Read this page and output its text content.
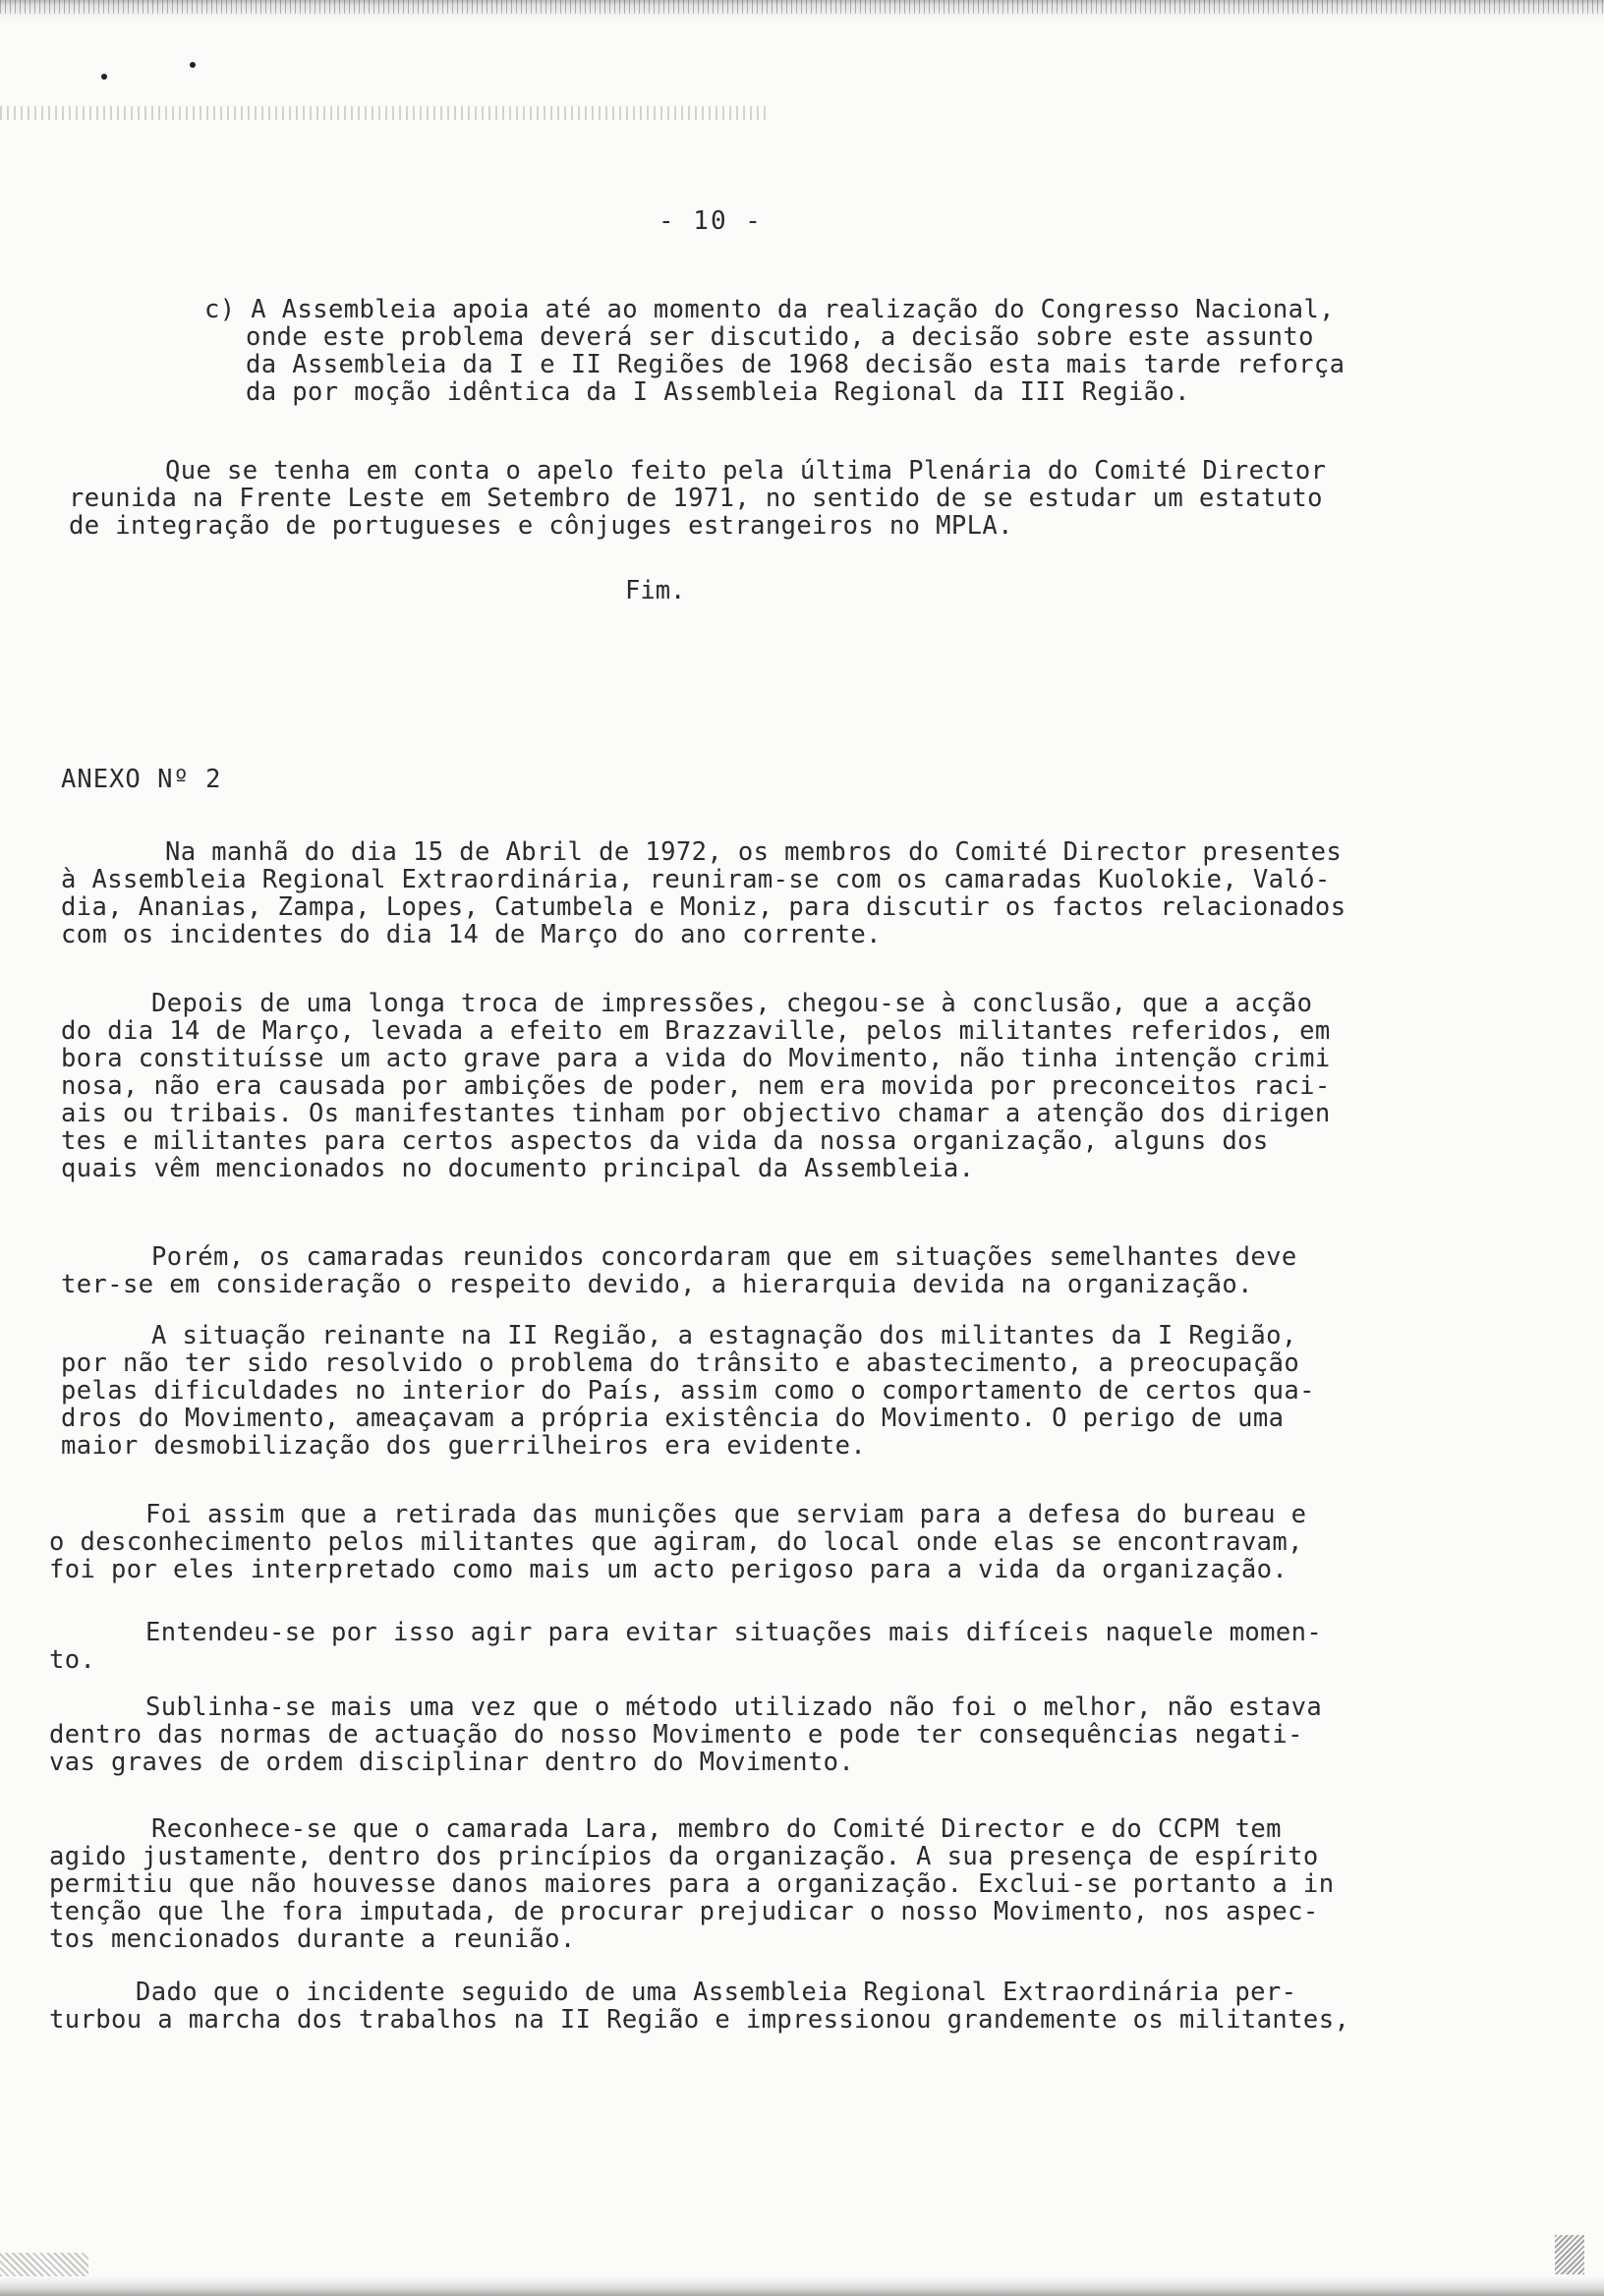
- 10 -
c) A Assembleia apoia até ao momento da realização do Congresso Nacional,
onde este problema deverá ser discutido, a decisão sobre este assunto
da Assembleia da I e II Regiões de 1968 decisão esta mais tarde reforça
da por moção idêntica da I Assembleia Regional da III Região.
Que se tenha em conta o apelo feito pela última Plenária do Comité Director
reunida na Frente Leste em Setembro de 1971, no sentido de se estudar um estatuto
de integração de portugueses e cônjuges estrangeiros no MPLA.
Fim.
ANEXO Nº 2
Na manhã do dia 15 de Abril de 1972, os membros do Comité Director presentes
à Assembleia Regional Extraordinária, reuniram-se com os camaradas Kuolokie, Való-
dia, Ananias, Zampa, Lopes, Catumbela e Moniz, para discutir os factos relacionados
com os incidentes do dia 14 de Março do ano corrente.
Depois de uma longa troca de impressões, chegou-se à conclusão, que a acção
do dia 14 de Março, levada a efeito em Brazzaville, pelos militantes referidos, em
bora constituísse um acto grave para a vida do Movimento, não tinha intenção crimi
nosa, não era causada por ambições de poder, nem era movida por preconceitos raci-
ais ou tribais. Os manifestantes tinham por objectivo chamar a atenção dos dirigen
tes e militantes para certos aspectos da vida da nossa organização, alguns dos
quais vêm mencionados no documento principal da Assembleia.
Porém, os camaradas reunidos concordaram que em situações semelhantes deve
ter-se em consideração o respeito devido, a hierarquia devida na organização.
A situação reinante na II Região, a estagnação dos militantes da I Região,
por não ter sido resolvido o problema do trânsito e abastecimento, a preocupação
pelas dificuldades no interior do País, assim como o comportamento de certos qua-
dros do Movimento, ameaçavam a própria existência do Movimento. O perigo de uma
maior desmobilização dos guerrilheiros era evidente.
Foi assim que a retirada das munições que serviam para a defesa do bureau e
o desconhecimento pelos militantes que agiram, do local onde elas se encontravam,
foi por eles interpretado como mais um acto perigoso para a vida da organização.
Entendeu-se por isso agir para evitar situações mais difíceis naquele momen-
to.
Sublinha-se mais uma vez que o método utilizado não foi o melhor, não estava
dentro das normas de actuação do nosso Movimento e pode ter consequências negati-
vas graves de ordem disciplinar dentro do Movimento.
Reconhece-se que o camarada Lara, membro do Comité Director e do CCPM tem
agido justamente, dentro dos princípios da organização. A sua presença de espírito
permitiu que não houvesse danos maiores para a organização. Exclui-se portanto a in
tenção que lhe fora imputada, de procurar prejudicar o nosso Movimento, nos aspec-
tos mencionados durante a reunião.
Dado que o incidente seguido de uma Assembleia Regional Extraordinária per-
turbou a marcha dos trabalhos na II Região e impressionou grandemente os militantes,
